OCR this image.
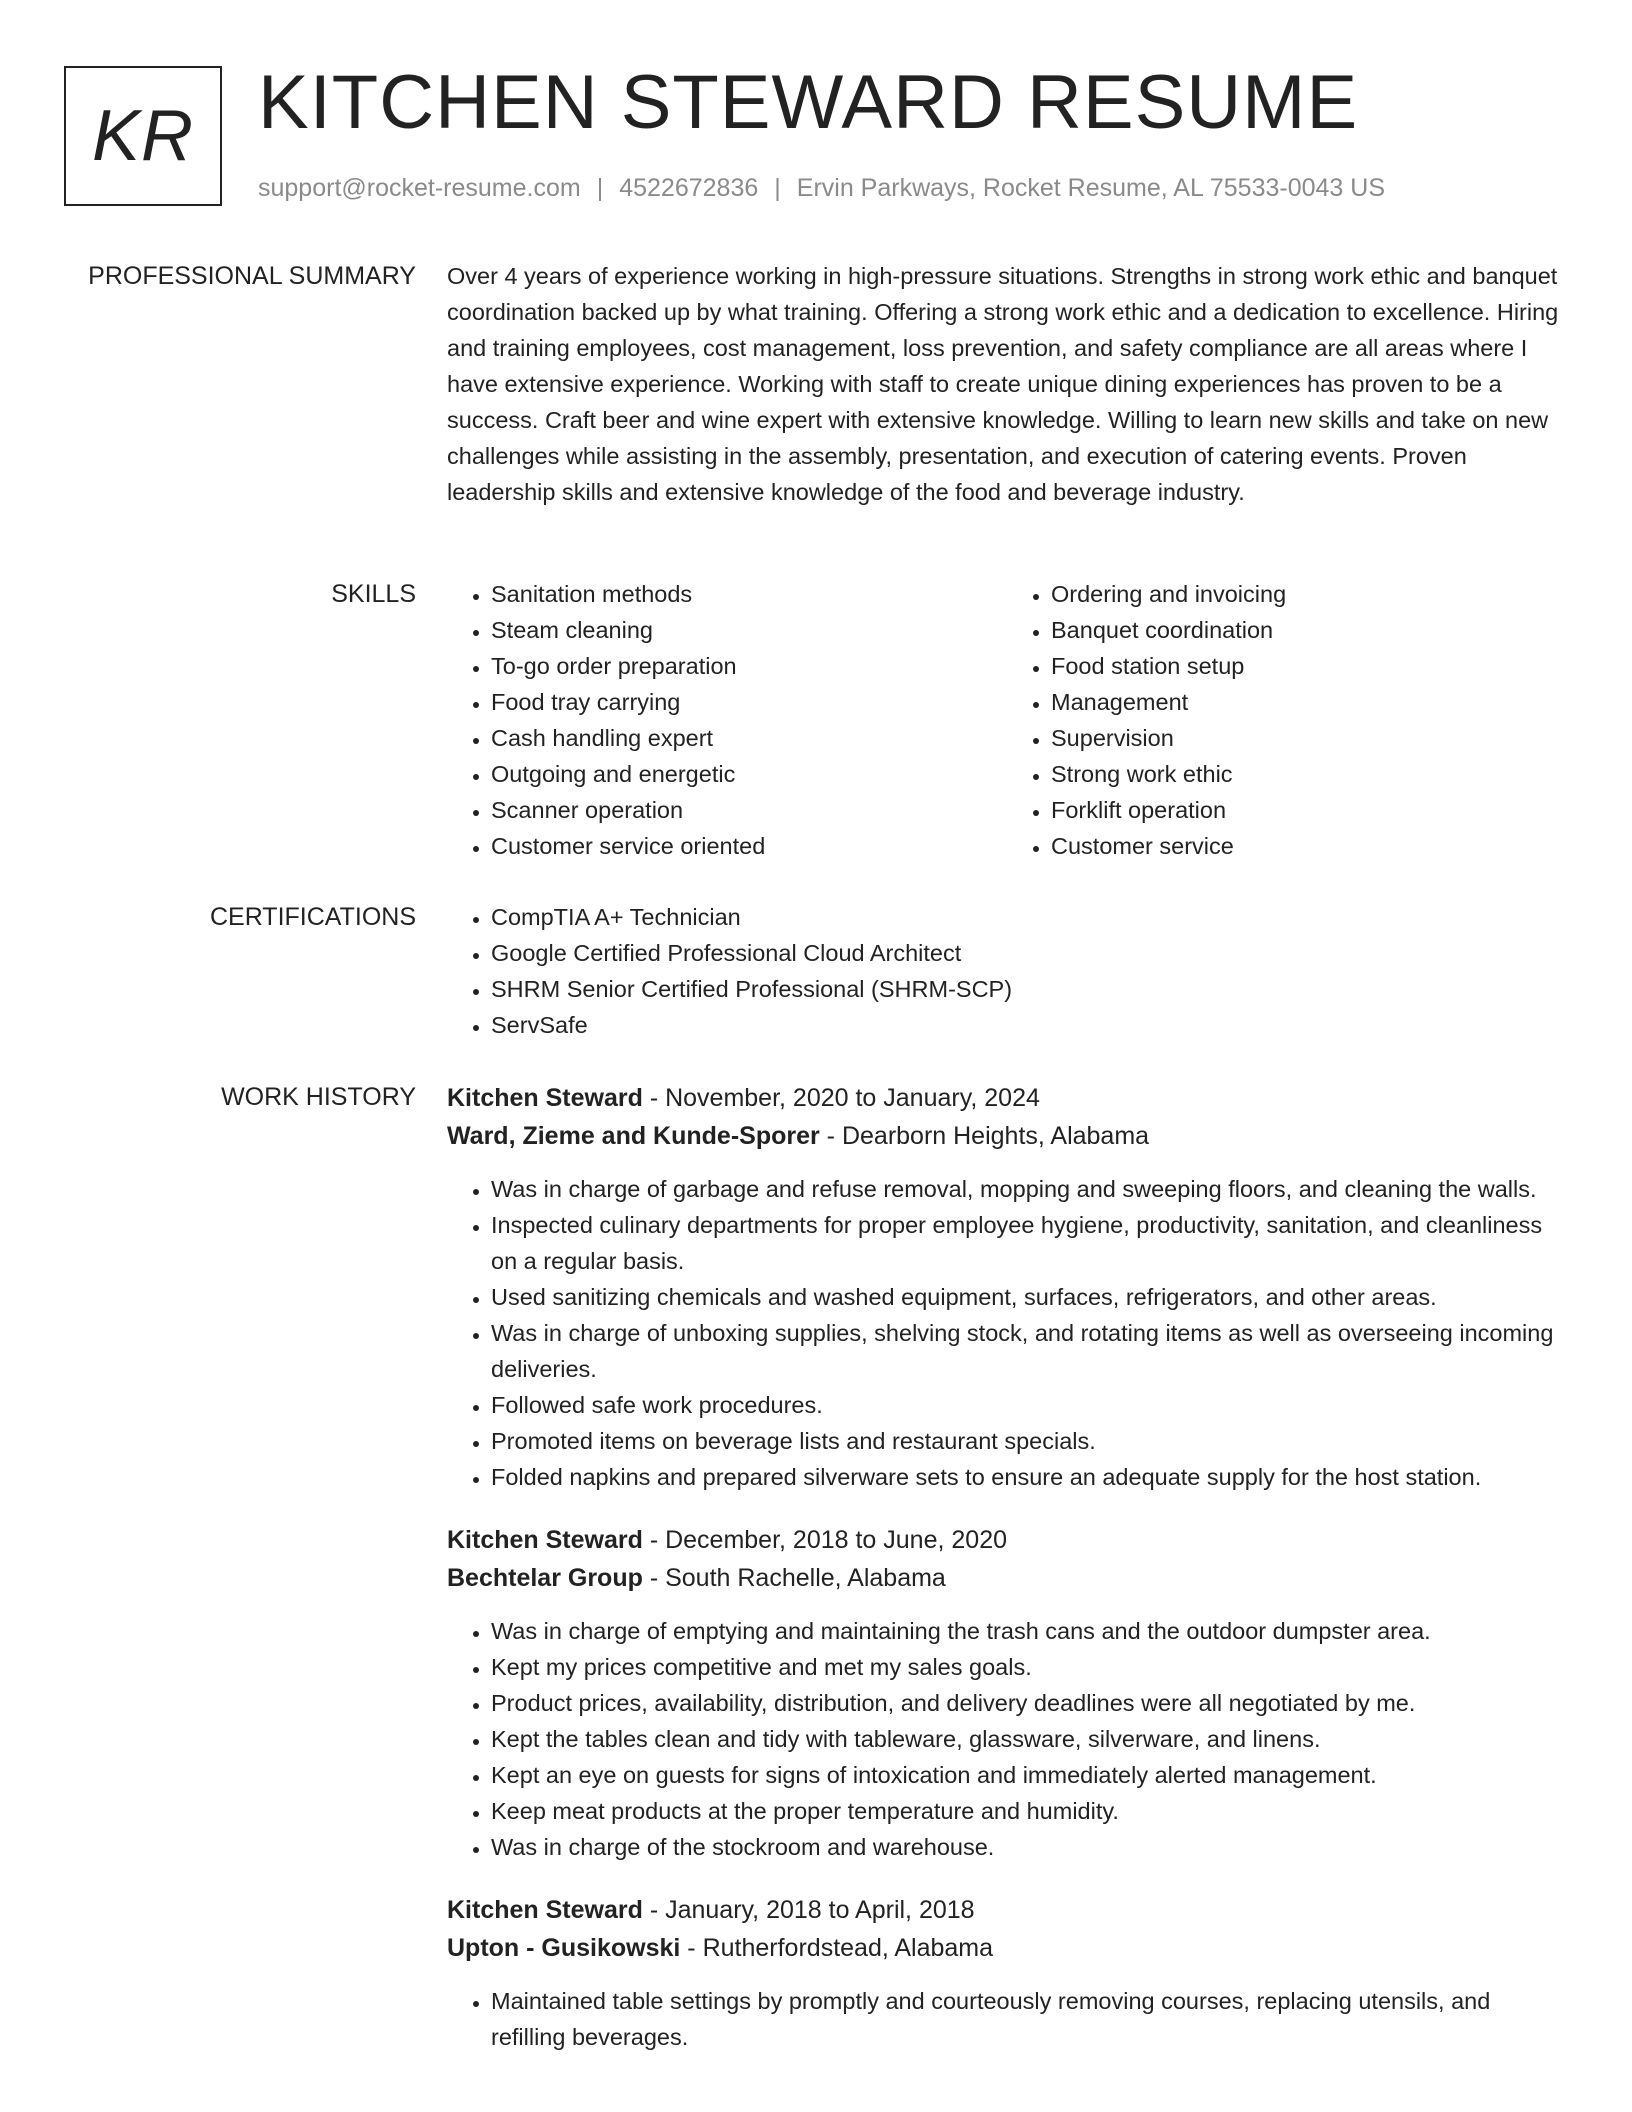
KR KITCHEN STEWARD RESUME
support@rocket-resume.com | 4522672836 | Ervin Parkways, Rocket Resume, AL 75533-0043 US
PROFESSIONAL SUMMARY Over 4 years of experience working in high-pressure situations. Strengths in strong work ethic and banquet coordination backed up by what training. Offering a strong work ethic and a dedication to excellence. Hiring and training employees, cost management, loss prevention, and safety compliance are all areas where I have extensive experience. Working with staff to create unique dining experiences has proven to be a success. Craft beer and wine expert with extensive knowledge. Willing to learn new skills and take on new challenges while assisting in the assembly, presentation, and execution of catering events. Proven leadership skills and extensive knowledge of the food and beverage industry.

SKILLS	• Sanitation methods
• Steam cleaning
• To-go order preparation
• Food tray carrying
• Cash handling expert
• Outgoing and energetic
• Scanner operation
• Customer service oriented
• Ordering and invoicing
• Banquet coordination
• Food station setup
• Management
• Supervision
• Strong work ethic
• Forklift operation
• Customer service
CERTIFICATIONS	• CompTIA A+ Technician
• Google Certified Professional Cloud Architect
• SHRM Senior Certified Professional (SHRM-SCP)
• ServSafe
WORK HISTORY Kitchen Steward - November, 2020 to January, 2024
Ward, Zieme and Kunde-Sporer - Dearborn Heights, Alabama
• Was in charge of garbage and refuse removal, mopping and sweeping floors, and cleaning the walls.
• Inspected culinary departments for proper employee hygiene, productivity, sanitation, and cleanliness on a regular basis.
• Used sanitizing chemicals and washed equipment, surfaces, refrigerators, and other areas.
• Was in charge of unboxing supplies, shelving stock, and rotating items as well as overseeing incoming deliveries.
• Followed safe work procedures.
• Promoted items on beverage lists and restaurant specials.
• Folded napkins and prepared silverware sets to ensure an adequate supply for the host station.
Kitchen Steward - December, 2018 to June, 2020
Bechtelar Group - South Rachelle, Alabama
• Was in charge of emptying and maintaining the trash cans and the outdoor dumpster area.
• Kept my prices competitive and met my sales goals.
• Product prices, availability, distribution, and delivery deadlines were all negotiated by me.
• Kept the tables clean and tidy with tableware, glassware, silverware, and linens.
• Kept an eye on guests for signs of intoxication and immediately alerted management.
• Keep meat products at the proper temperature and humidity.
• Was in charge of the stockroom and warehouse.
Kitchen Steward - January, 2018 to April, 2018
Upton - Gusikowski - Rutherfordstead, Alabama
• Maintained table settings by promptly and courteously removing courses, replacing utensils, and refilling beverages.
